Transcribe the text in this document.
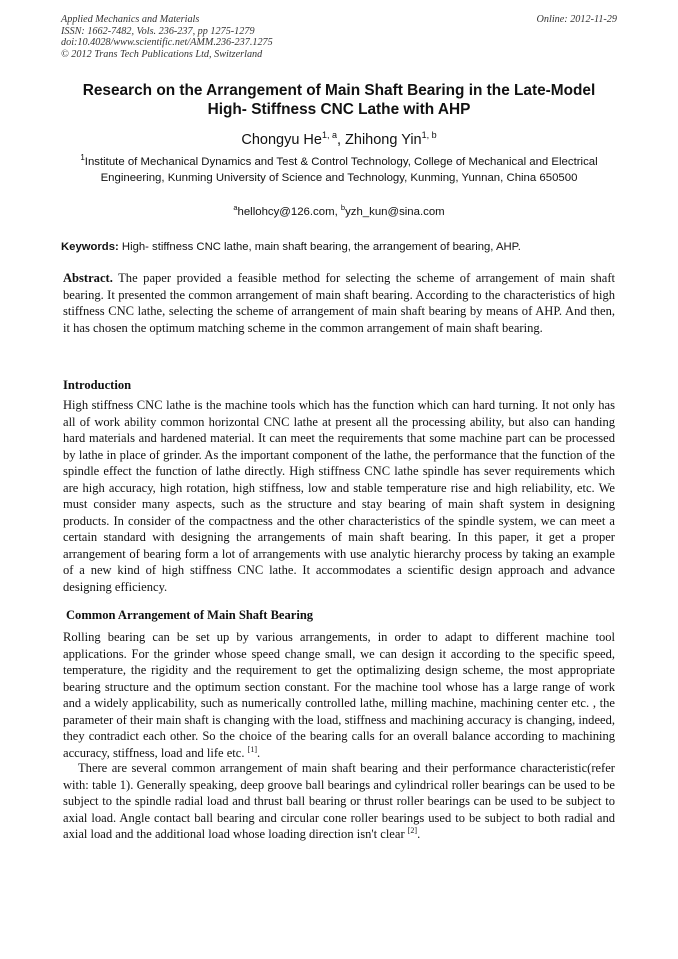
Applied Mechanics and Materials
ISSN: 1662-7482, Vols. 236-237, pp 1275-1279
doi:10.4028/www.scientific.net/AMM.236-237.1275
© 2012 Trans Tech Publications Ltd, Switzerland
Online: 2012-11-29
Research on the Arrangement of Main Shaft Bearing in the Late-Model
High- Stiffness CNC Lathe with AHP
Chongyu He$^{1, a}$, Zhihong Yin$^{1, b}$
$^1$Institute of Mechanical Dynamics and Test & Control Technology, College of Mechanical and Electrical Engineering, Kunming University of Science and Technology, Kunming, Yunnan, China 650500
$^a$hellohcy@126.com, $^b$yzh_kun@sina.com
Keywords: High- stiffness CNC lathe, main shaft bearing, the arrangement of bearing, AHP.
Abstract. The paper provided a feasible method for selecting the scheme of arrangement of main shaft bearing. It presented the common arrangement of main shaft bearing. According to the characteristics of high stiffness CNC lathe, selecting the scheme of arrangement of main shaft bearing by means of AHP. And then, it has chosen the optimum matching scheme in the common arrangement of main shaft bearing.
Introduction
High stiffness CNC lathe is the machine tools which has the function which can hard turning. It not only has all of work ability common horizontal CNC lathe at present all the processing ability, but also can handing hard materials and hardened material. It can meet the requirements that some machine part can be processed by lathe in place of grinder. As the important component of the lathe, the performance that the function of the spindle effect the function of lathe directly. High stiffness CNC lathe spindle has sever requirements which are high accuracy, high rotation, high stiffness, low and stable temperature rise and high reliability, etc. We must consider many aspects, such as the structure and stay bearing of main shaft system in designing products. In consider of the compactness and the other characteristics of the spindle system, we can meet a certain standard with designing the arrangements of main shaft bearing. In this paper, it get a proper arrangement of bearing form a lot of arrangements with use analytic hierarchy process by taking an example of a new kind of high stiffness CNC lathe. It accommodates a scientific design approach and advance designing efficiency.
Common Arrangement of Main Shaft Bearing
Rolling bearing can be set up by various arrangements, in order to adapt to different machine tool applications. For the grinder whose speed change small, we can design it according to the specific speed, temperature, the rigidity and the requirement to get the optimalizing design scheme, the most appropriate bearing structure and the optimum section constant. For the machine tool whose has a large range of work and a widely applicability, such as numerically controlled lathe, milling machine, machining center etc. , the parameter of their main shaft is changing with the load, stiffness and machining accuracy is changing, indeed, they contradict each other. So the choice of the bearing calls for an overall balance according to machining accuracy, stiffness, load and life etc. [1].
There are several common arrangement of main shaft bearing and their performance characteristic(refer with: table 1). Generally speaking, deep groove ball bearings and cylindrical roller bearings can be used to be subject to the spindle radial load and thrust ball bearing or thrust roller bearings can be used to be subject to axial load. Angle contact ball bearing and circular cone roller bearings used to be subject to both radial and axial load and the additional load whose loading direction isn't clear [2].
